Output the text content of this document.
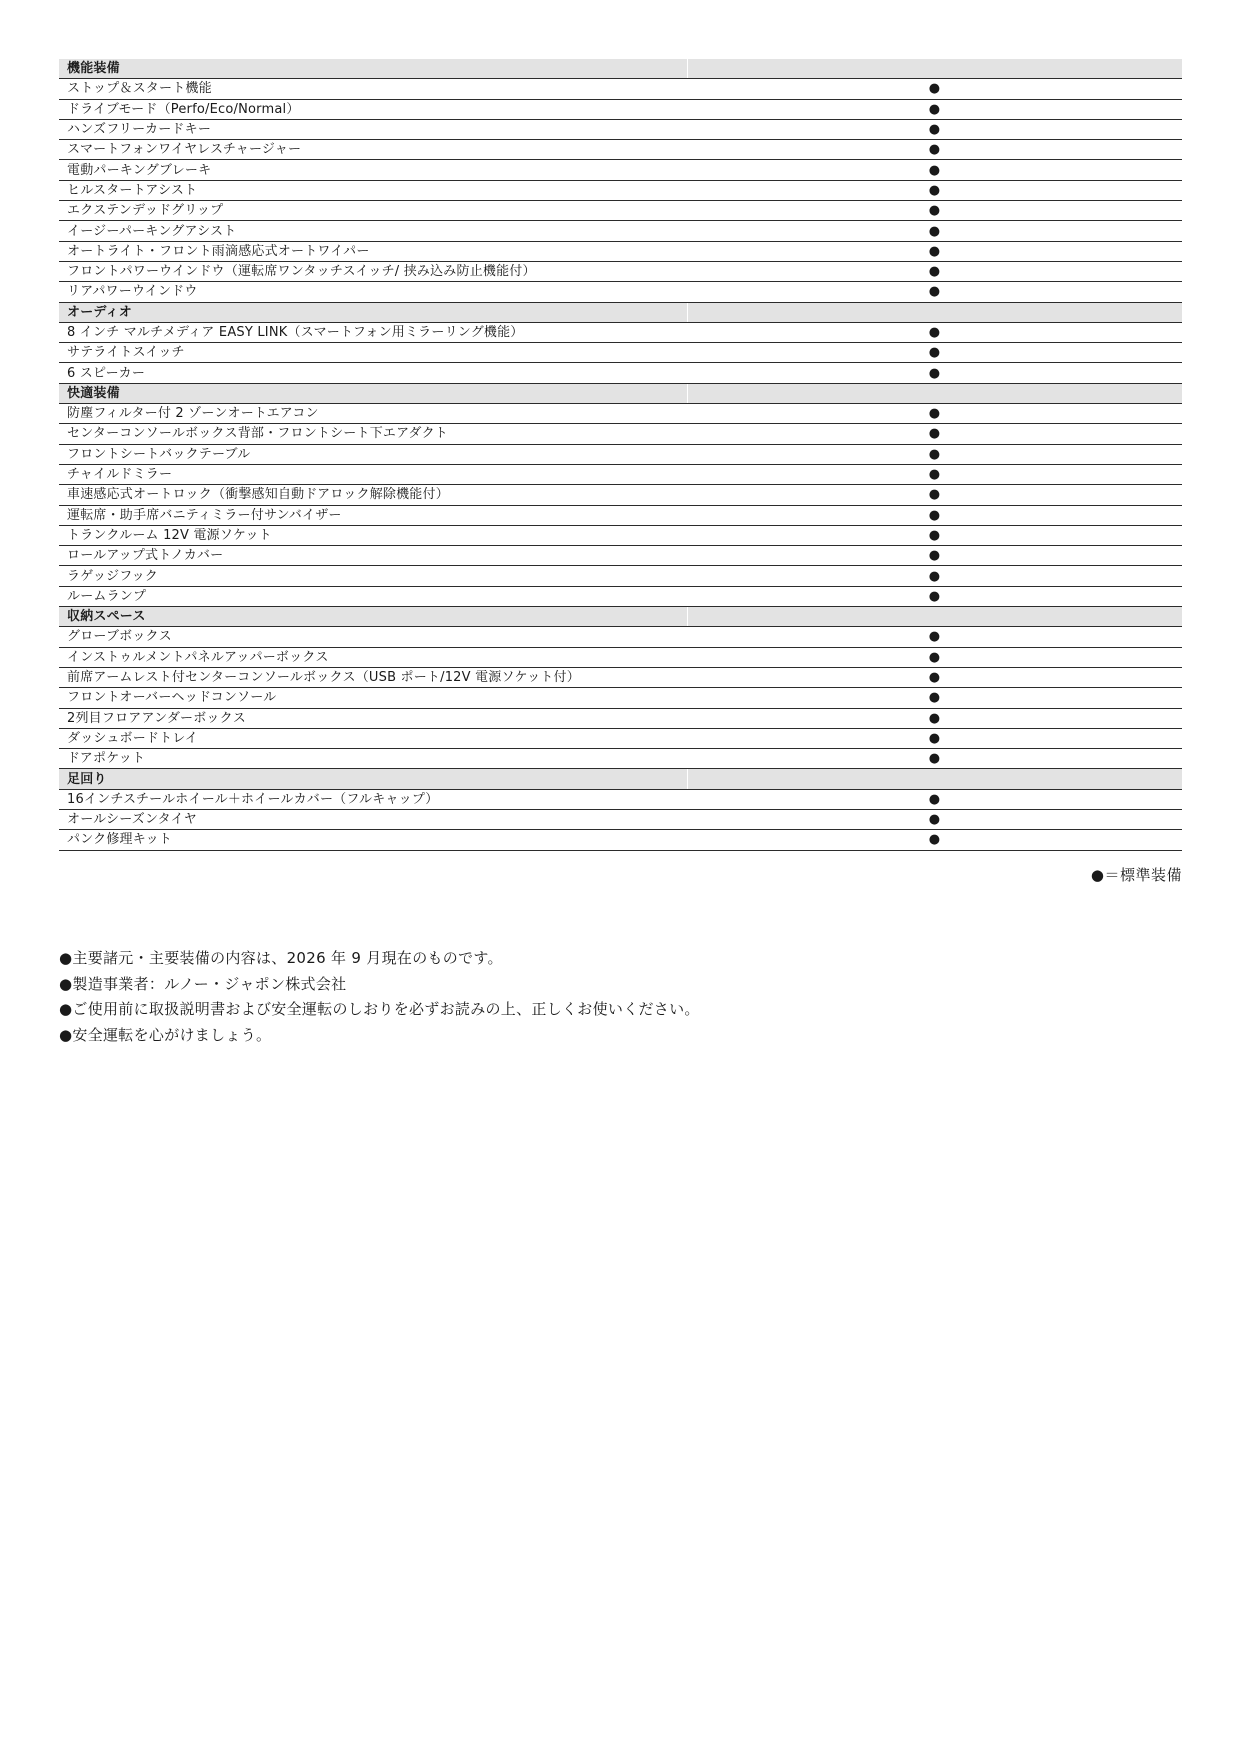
機能装備	
ストップ＆スタート機能	●
ドライブモード（Perfo/Eco/Normal）	●
ハンズフリーカードキー	●
スマートフォンワイヤレスチャージャー	●
電動パーキングブレーキ	●
ヒルスタートアシスト	●
エクステンデッドグリップ	●
イージーパーキングアシスト	●
オートライト・フロント雨滴感応式オートワイパー	●
フロントパワーウインドウ（運転席ワンタッチスイッチ/ 挟み込み防止機能付）	●
リアパワーウインドウ	●
オーディオ	
8 インチ マルチメディア EASY LINK（スマートフォン用ミラーリング機能）	●
サテライトスイッチ	●
6 スピーカー	●
快適装備	
防塵フィルター付 2 ゾーンオートエアコン	●
センターコンソールボックス背部・フロントシート下エアダクト	●
フロントシートバックテーブル	●
チャイルドミラー	●
車速感応式オートロック（衝撃感知自動ドアロック解除機能付）	●
運転席・助手席バニティミラー付サンバイザー	●
トランクルーム 12V 電源ソケット	●
ロールアップ式トノカバー	●
ラゲッジフック	●
ルームランプ	●
収納スペース	
グローブボックス	●
インストゥルメントパネルアッパーボックス	●
前席アームレスト付センターコンソールボックス（USB ポート/12V 電源ソケット付）	●
フロントオーバーヘッドコンソール	●
2列目フロアアンダーボックス	●
ダッシュボードトレイ	●
ドアポケット	●
足回り	
16インチスチールホイール＋ホイールカバー（フルキャップ）	●
オールシーズンタイヤ	●
パンク修理キット	●
●＝標準装備
●主要諸元・主要装備の内容は、2026 年 9 月現在のものです。
●製造事業者：ルノー・ジャポン株式会社
●ご使用前に取扱説明書および安全運転のしおりを必ずお読みの上、正しくお使いください。
●安全運転を心がけましょう。
